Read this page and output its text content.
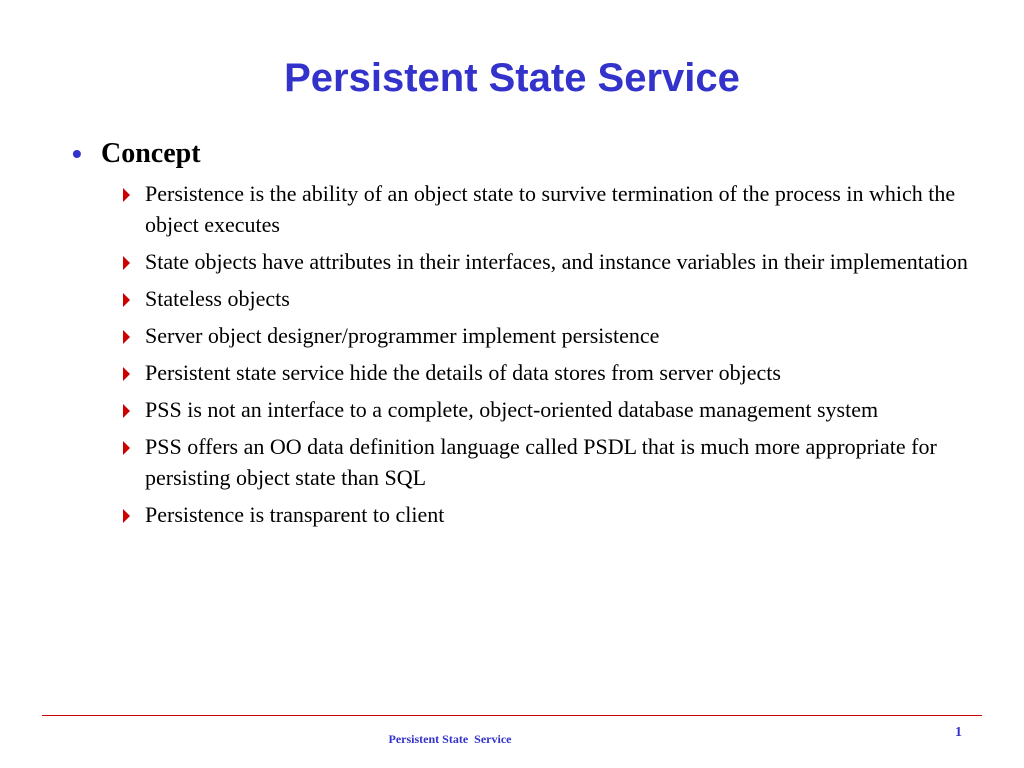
Persistent State Service
• Concept
Persistence is the ability of an object state to survive termination of the process in which the object executes
State objects have attributes in their interfaces, and instance variables in their implementation
Stateless objects
Server object designer/programmer implement persistence
Persistent state service hide the details of data stores from server objects
PSS is not an interface to a complete, object-oriented database management system
PSS offers an OO data definition language called PSDL that is much more appropriate for persisting object state than SQL
Persistence is transparent to client
Persistent State  Service	1
